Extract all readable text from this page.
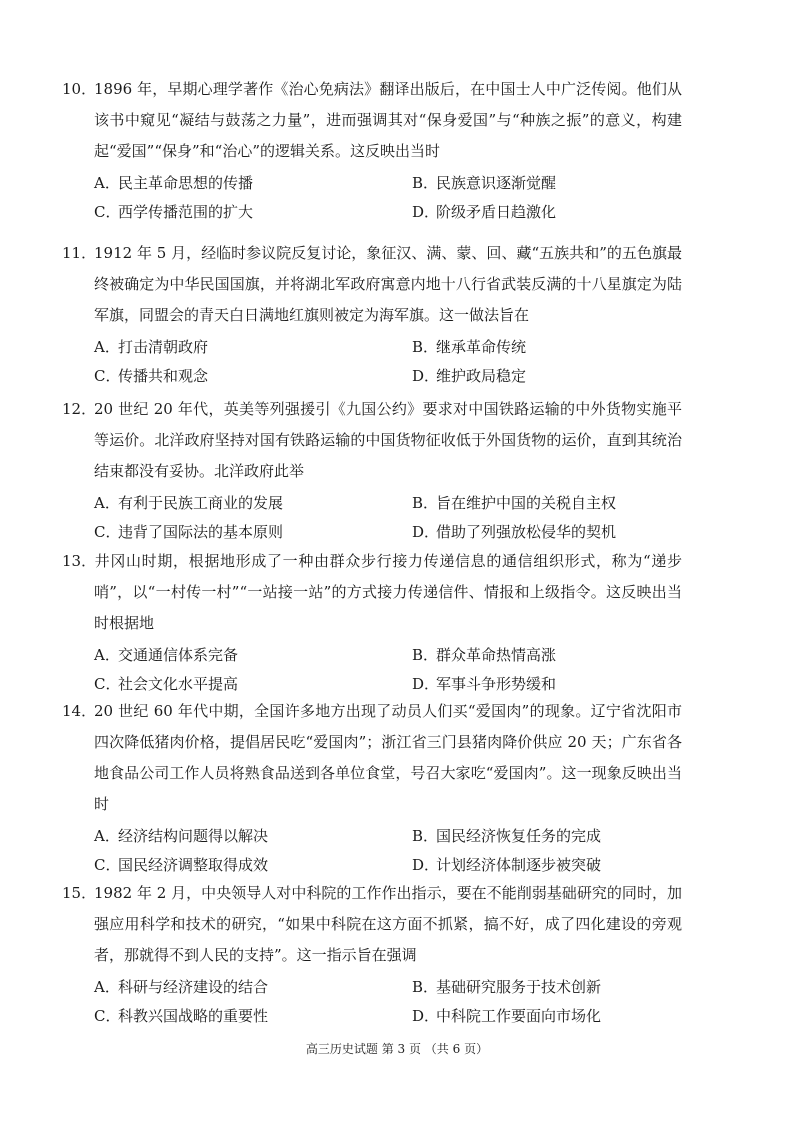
10．1896 年，早期心理学著作《治心免病法》翻译出版后，在中国士人中广泛传阅。他们从该书中窥见“凝结与鼓荡之力量”，进而强调其对“保身爱国”与“种族之振”的意义，构建起“爱国”“保身”和“治心”的逻辑关系。这反映出当时

A．民主革命思想的传播	B．民族意识逐渐觉醒
C．西学传播范围的扩大	D．阶级矛盾日趋激化

11．1912 年 5 月，经临时参议院反复讨论，象征汉、满、蒙、回、藏“五族共和”的五色旗最终被确定为中华民国国旗，并将湖北军政府寓意内地十八行省武装反满的十八星旗定为陆军旗，同盟会的青天白日满地红旗则被定为海军旗。这一做法旨在

A．打击清朝政府	B．继承革命传统
C．传播共和观念	D．维护政局稳定

12．20 世纪 20 年代，英美等列强援引《九国公约》要求对中国铁路运输的中外货物实施平等运价。北洋政府坚持对国有铁路运输的中国货物征收低于外国货物的运价，直到其统治结束都没有妥协。北洋政府此举

A．有利于民族工商业的发展	B．旨在维护中国的关税自主权
C．违背了国际法的基本原则	D．借助了列强放松侵华的契机

13．井冈山时期，根据地形成了一种由群众步行接力传递信息的通信组织形式，称为“递步哨”，以“一村传一村”“一站接一站”的方式接力传递信件、情报和上级指令。这反映出当时根据地

A．交通通信体系完备	B．群众革命热情高涨
C．社会文化水平提高	D．军事斗争形势缓和

14．20 世纪 60 年代中期，全国许多地方出现了动员人们买“爱国肉”的现象。辽宁省沈阳市四次降低猪肉价格，提倡居民吃“爱国肉”；浙江省三门县猪肉降价供应 20 天；广东省各地食品公司工作人员将熟食品送到各单位食堂，号召大家吃“爱国肉”。这一现象反映出当时

A．经济结构问题得以解决	B．国民经济恢复任务的完成
C．国民经济调整取得成效	D．计划经济体制逐步被突破

15．1982 年 2 月，中央领导人对中科院的工作作出指示，要在不能削弱基础研究的同时，加强应用科学和技术的研究，“如果中科院在这方面不抓紧，搞不好，成了四化建设的旁观者，那就得不到人民的支持”。这一指示旨在强调

A．科研与经济建设的结合	B．基础研究服务于技术创新
C．科教兴国战略的重要性	D．中科院工作要面向市场化
高三历史试题 第 3 页 （共 6 页）
